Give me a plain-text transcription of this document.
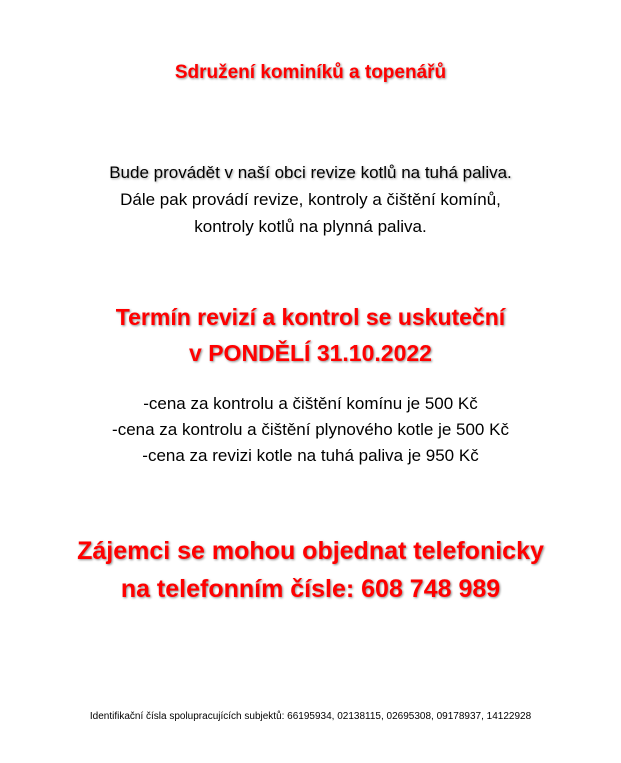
Sdružení kominíků a topenářů
Bude provádět v naší obci revize kotlů na tuhá paliva.
Dále pak provádí revize, kontroly a čištění komínů,
kontroly kotlů na plynná paliva.
Termín revizí a kontrol se uskuteční
v PONDĚLÍ 31.10.2022
-cena za kontrolu a čištění komínu je 500 Kč
-cena za kontrolu a čištění plynového kotle je 500 Kč
-cena za revizi kotle na tuhá paliva je 950 Kč
Zájemci se mohou objednat telefonicky
na telefonním čísle: 608 748 989
Identifikační čísla spolupracujících subjektů: 66195934, 02138115, 02695308, 09178937, 14122928
